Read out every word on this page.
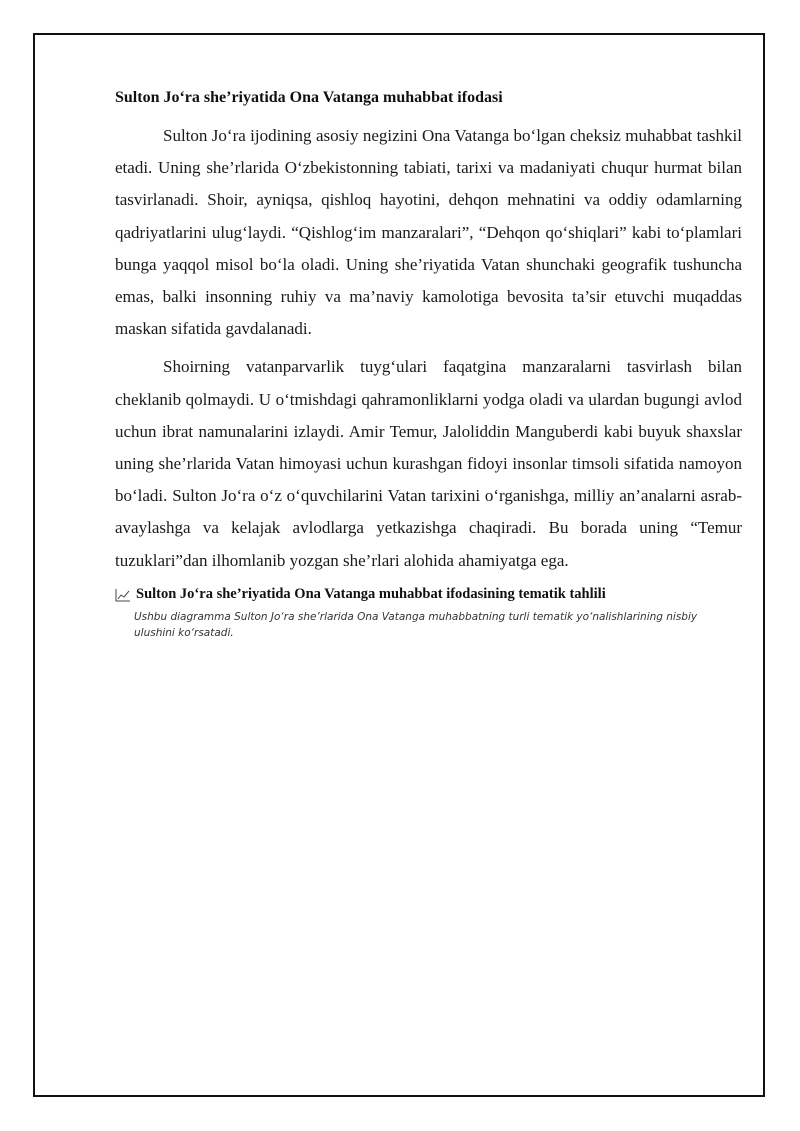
Sulton Jo‘ra she’riyatida Ona Vatanga muhabbat ifodasi

Sulton Jo‘ra ijodining asosiy negizini Ona Vatanga bo‘lgan cheksiz muhabbat tashkil etadi. Uning she’rlarida O‘zbekistonning tabiati, tarixi va madaniyati chuqur hurmat bilan tasvirlanadi. Shoir, ayniqsa, qishloq hayotini, dehqon mehnatini va oddiy odamlarning qadriyatlarini ulug‘laydi. “Qishlog‘im manzaralari”, “Dehqon qo‘shiqlari” kabi to‘plamlari bunga yaqqol misol bo‘la oladi. Uning she’riyatida Vatan shunchaki geografik tushuncha emas, balki insonning ruhiy va ma’naviy kamolotiga bevosita ta’sir etuvchi muqaddas maskan sifatida gavdalanadi.

Shoirning vatanparvarlik tuyg‘ulari faqatgina manzaralarni tasvirlash bilan cheklanib qolmaydi. U o‘tmishdagi qahramonliklarni yodga oladi va ulardan bugungi avlod uchun ibrat namunalarini izlaydi. Amir Temur, Jaloliddin Manguberdi kabi buyuk shaxslar uning she’rlarida Vatan himoyasi uchun kurashgan fidoyi insonlar timsoli sifatida namoyon bo‘ladi. Sulton Jo‘ra o‘z o‘quvchilarini Vatan tarixini o‘rganishga, milliy an’analarni asrab-avaylashga va kelajak avlodlarga yetkazishga chaqiradi. Bu borada uning “Temur tuzuklari”dan ilhomlanib yozgan she’rlari alohida ahamiyatga ega.

Sulton Jo‘ra she’riyatida Ona Vatanga muhabbat ifodasining tematik tahlili
Ushbu diagramma Sulton Jo‘ra she’rlarida Ona Vatanga muhabbatning turli tematik yo‘nalishlarining nisbiy ulushini ko‘rsatadi.
